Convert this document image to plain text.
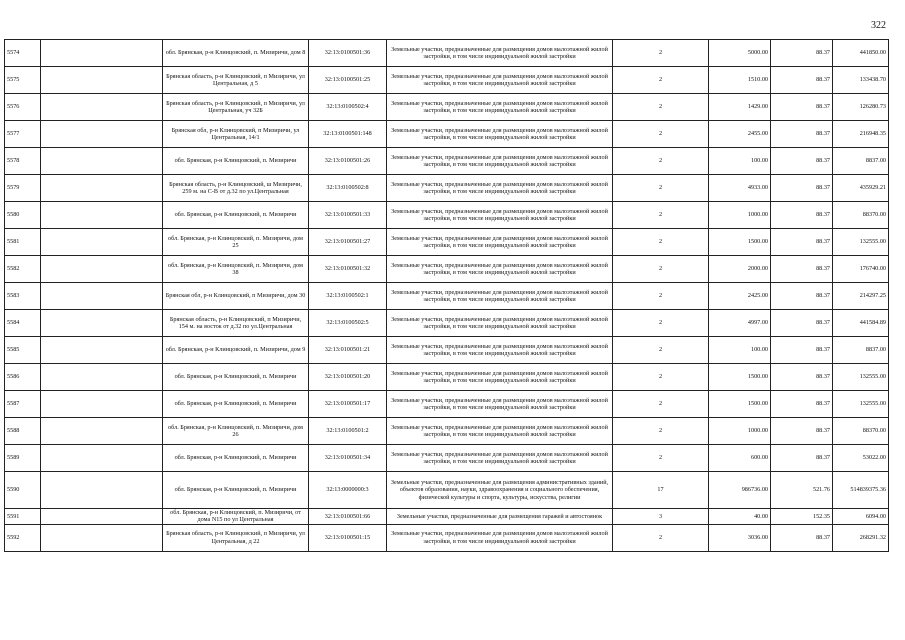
322
5574		обл. Брянская, р-н Клинцовский, п. Мизиричи, дом 8	32:13:0100501:36	Земельные участки, предназначенные для размещения домов малоэтажной жилой застройки, в том числе индивидуальной жилой застройки	2	5000.00	88.37	441850.00
5575		Брянская область, р-н Клинцовский, п Мизиричи, ул Центральная, д 5	32:13:0100501:25	Земельные участки, предназначенные для размещения домов малоэтажной жилой застройки, в том числе индивидуальной жилой застройки	2	1510.00	88.37	133438.70
5576		Брянская область, р-н Клинцовский, п Мизиричи, ул Центральная, уч 32Б	32:13:0100502:4	Земельные участки, предназначенные для размещения домов малоэтажной жилой застройки, в том числе индивидуальной жилой застройки	2	1429.00	88.37	126280.73
5577		Брянская обл, р-н Клинцовский, п Мизиричи, ул Центральная, 14/1	32:13:0100501:148	Земельные участки, предназначенные для размещения домов малоэтажной жилой застройки, в том числе индивидуальной жилой застройки	2	2455.00	88.37	216948.35
5578		обл. Брянская, р-н Клинцовский, п. Мизиричи	32:13:0100501:26	Земельные участки, предназначенные для размещения домов малоэтажной жилой застройки, в том числе индивидуальной жилой застройки	2	100.00	88.37	8837.00
5579		Брянская область, р-н Клинцовский, ш Мизиричи, 259 м. на С-В от д.32 по ул.Центральная	32:13:0100502:8	Земельные участки, предназначенные для размещения домов малоэтажной жилой застройки, в том числе индивидуальной жилой застройки	2	4933.00	88.37	435929.21
5580		обл. Брянская, р-н Клинцовский, п. Мизиричи	32:13:0100501:33	Земельные участки, предназначенные для размещения домов малоэтажной жилой застройки, в том числе индивидуальной жилой застройки	2	1000.00	88.37	88370.00
5581		обл. Брянская, р-н Клинцовский, п. Мизиричи, дом 25	32:13:0100501:27	Земельные участки, предназначенные для размещения домов малоэтажной жилой застройки, в том числе индивидуальной жилой застройки	2	1500.00	88.37	132555.00
5582		обл. Брянская, р-н Клинцовский, п. Мизиричи, дом 38	32:13:0100501:32	Земельные участки, предназначенные для размещения домов малоэтажной жилой застройки, в том числе индивидуальной жилой застройки	2	2000.00	88.37	176740.00
5583		Брянская обл, р-н Клинцовский, п Мизиричи, дом 30	32:13:0100502:1	Земельные участки, предназначенные для размещения домов малоэтажной жилой застройки, в том числе индивидуальной жилой застройки	2	2425.00	88.37	214297.25
5584		Брянская область, р-н Клинцовский, п Мизиричи, 154 м. на восток от д.32 по ул.Центральная	32:13:0100502:5	Земельные участки, предназначенные для размещения домов малоэтажной жилой застройки, в том числе индивидуальной жилой застройки	2	4997.00	88.37	441584.89
5585		обл. Брянская, р-н Клинцовский, п. Мизиричи, дом 9	32:13:0100501:21	Земельные участки, предназначенные для размещения домов малоэтажной жилой застройки, в том числе индивидуальной жилой застройки	2	100.00	88.37	8837.00
5586		обл. Брянская, р-н Клинцовский, п. Мизиричи	32:13:0100501:20	Земельные участки, предназначенные для размещения домов малоэтажной жилой застройки, в том числе индивидуальной жилой застройки	2	1500.00	88.37	132555.00
5587		обл. Брянская, р-н Клинцовский, п. Мизиричи	32:13:0100501:17	Земельные участки, предназначенные для размещения домов малоэтажной жилой застройки, в том числе индивидуальной жилой застройки	2	1500.00	88.37	132555.00
5588		обл. Брянская, р-н Клинцовский, п. Мизиричи, дом 26	32:13:0100501:2	Земельные участки, предназначенные для размещения домов малоэтажной жилой застройки, в том числе индивидуальной жилой застройки	2	1000.00	88.37	88370.00
5589		обл. Брянская, р-н Клинцовский, п. Мизиричи	32:13:0100501:34	Земельные участки, предназначенные для размещения домов малоэтажной жилой застройки, в том числе индивидуальной жилой застройки	2	600.00	88.37	53022.00
5590		обл. Брянская, р-н Клинцовский, п. Мизиричи	32:13:0000000:3	Земельные участки, предназначенные для размещения административных зданий, объектов образования, науки, здравоохранения и социального обеспечения, физической культуры и спорта, культуры, искусства, религии	17	986736.00	521.76	514839375.36
5591		обл. Брянская, р-н Клинцовский, п. Мизиричи, от дома N15 по ул Центральная	32:13:0100501:66	Земельные участки, предназначенные для размещения гаражей и автостоянок	3	40.00	152.35	6094.00
5592		Брянская область, р-н Клинцовский, п Мизиричи, ул Центральная, д 22	32:13:0100501:15	Земельные участки, предназначенные для размещения домов малоэтажной жилой застройки, в том числе индивидуальной жилой застройки	2	3036.00	88.37	268291.32
